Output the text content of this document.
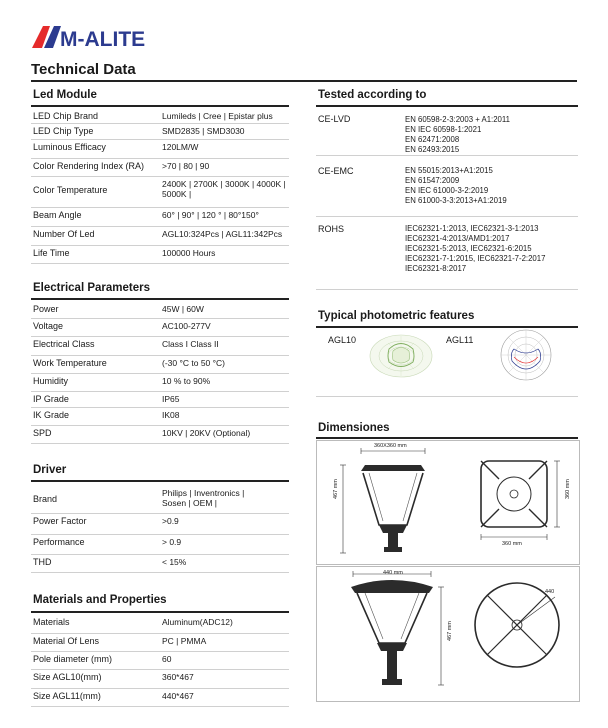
M-ALITE
Technical Data
360X360 mm
467 mm	360 mm
360 mm
440 mm
467 mm
440
Led Module
LED Chip Brand	Lumileds | Cree | Epistar plus
LED Chip Type	SMD2835 | SMD3030
Luminous Efficacy	120LM/W
Color Rendering Index (RA) >70 | 80 | 90
Color Temperature
2400K | 2700K | 3000K | 4000K |
5000K |
Beam Angle	60° | 90° | 120 ° | 80°150°
Number Of Led	AGL10:324Pcs | AGL11:342Pcs
Life Time	100000 Hours
Electrical Parameters
Power	45W | 60W
Voltage	AC100-277V
Electrical Class	Class I Class II
Work Temperature	(-30 °C to 50 °C)
Humidity	10 % to 90%
IP Grade	IP65
IK Grade	IK08
SPD	10KV | 20KV (Optional)
Driver
Brand
Philips | Inventronics |
Sosen | OEM |
Power Factor	>0.9
Performance	> 0.9
THD	< 15%
Materials and Properties
Materials	Aluminum(ADC12)
Material Of Lens	PC | PMMA
Pole diameter (mm)	60
Size AGL10(mm)	360*467
Size AGL11(mm)	440*467
Tested according to
CE-LVD	EN 60598-2-3:2003 + A1:2011
EN IEC 60598-1:2021
EN 62471:2008
EN 62493:2015
CE-EMC	EN 55015:2013+A1:2015
EN 61547:2009
EN IEC 61000-3-2:2019
EN 61000-3-3:2013+A1:2019
ROHS	IEC62321-1:2013, IEC62321-3-1:2013
IEC62321-4:2013/AMD1:2017
IEC62321-5:2013, IEC62321-6:2015
IEC62321-7-1:2015, IEC62321-7-2:2017
IEC62321-8:2017
Typical photometric features
AGL10	AGL11
Dimensiones
